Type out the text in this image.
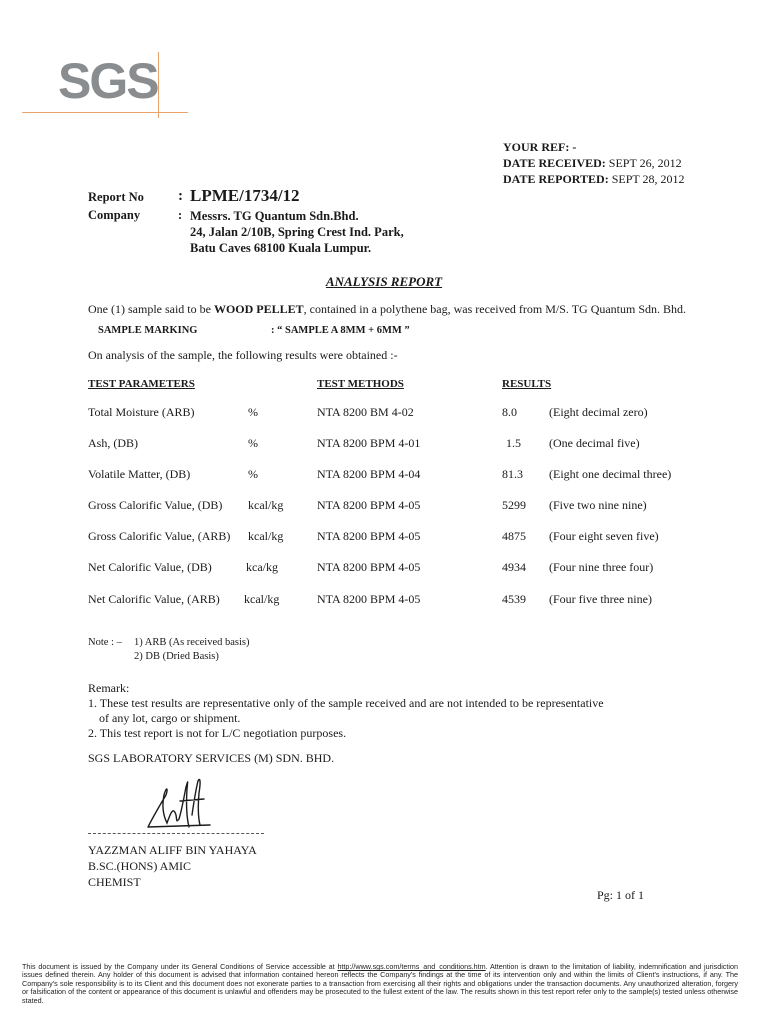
SGS
YOUR REF: -
DATE RECEIVED: SEPT 26, 2012
DATE REPORTED: SEPT 28, 2012
Report No : LPME/1734/12
Company	: Messrs. TG Quantum Sdn.Bhd.
24, Jalan 2/10B, Spring Crest Ind. Park,
Batu Caves 68100 Kuala Lumpur.
ANALYSIS REPORT
One (1) sample said to be WOOD PELLET, contained in a polythene bag, was received from M/S. TG Quantum Sdn. Bhd.
SAMPLE MARKING	: “ SAMPLE A 8MM + 6MM ”
On analysis of the sample, the following results were obtained :-
TEST PARAMETERS	TEST METHODS	RESULTS
Total Moisture (ARB)	%	NTA 8200 BM 4-02	8.0	(Eight decimal zero)
Ash, (DB)	%	NTA 8200 BPM 4-01	1.5 (One decimal five)
Volatile Matter, (DB)	%	NTA 8200 BPM 4-04	81.3 (Eight one decimal three)
Gross Calorific Value, (DB) kcal/kg	NTA 8200 BPM 4-05	5299 (Five two nine nine)
Gross Calorific Value, (ARB) kcal/kg	NTA 8200 BPM 4-05	4875 (Four eight seven five)
Net Calorific Value, (DB)	kca/kg	NTA 8200 BPM 4-05	4934 (Four nine three four)
Net Calorific Value, (ARB) kcal/kg	NTA 8200 BPM 4-05	4539 (Four five three nine)
Note : – 1) ARB (As received basis)
2) DB (Dried Basis)
Remark:
1. These test results are representative only of the sample received and are not intended to be representative
of any lot, cargo or shipment.
2. This test report is not for L/C negotiation purposes.
SGS LABORATORY SERVICES (M) SDN. BHD.
YAZZMAN ALIFF BIN YAHAYA
B.SC.(HONS) AMIC
CHEMIST
Pg: 1 of 1
This document is issued by the Company under its General Conditions of Service accessible at http://www.sgs.com/terms_and_conditions.htm. Attention is drawn to the limitation of liability, indemnification and jurisdiction issues defined therein. Any holder of this document is advised that information contained hereon reflects the Company's findings at the time of its intervention only and within the limits of Client's instructions, if any. The Company's sole responsibility is to its Client and this document does not exonerate parties to a transaction from exercising all their rights and obligations under the transaction documents. Any unauthorized alteration, forgery or falsification of the content or appearance of this document is unlawful and offenders may be prosecuted to the fullest extent of the law. The results shown in this test report refer only to the sample(s) tested unless otherwise stated.
